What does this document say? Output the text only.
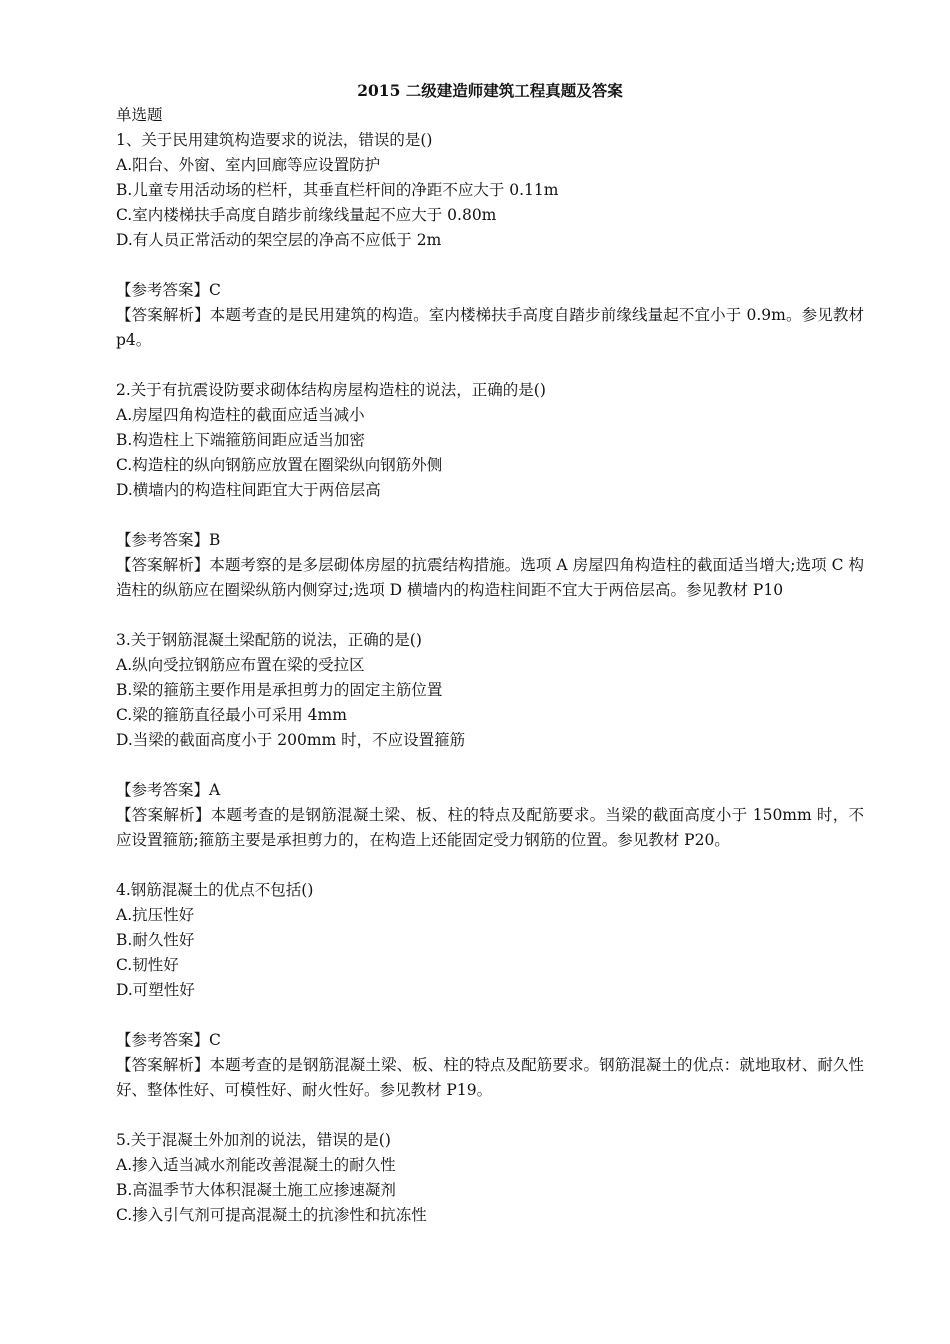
2015 二级建造师建筑工程真题及答案

单选题

1、关于民用建筑构造要求的说法，错误的是()

A.阳台、外窗、室内回廊等应设置防护

B.儿童专用活动场的栏杆，其垂直栏杆间的净距不应大于 0.11m

C.室内楼梯扶手高度自踏步前缘线量起不应大于 0.80m

D.有人员正常活动的架空层的净高不应低于 2m

【参考答案】C

【答案解析】本题考查的是民用建筑的构造。室内楼梯扶手高度自踏步前缘线量起不宜小于 0.9m。参见教材 p4。

2.关于有抗震设防要求砌体结构房屋构造柱的说法，正确的是()

A.房屋四角构造柱的截面应适当减小

B.构造柱上下端箍筋间距应适当加密

C.构造柱的纵向钢筋应放置在圈梁纵向钢筋外侧

D.横墙内的构造柱间距宜大于两倍层高

【参考答案】B

【答案解析】本题考察的是多层砌体房屋的抗震结构措施。选项 A 房屋四角构造柱的截面适当增大;选项 C 构造柱的纵筋应在圈梁纵筋内侧穿过;选项 D 横墙内的构造柱间距不宜大于两倍层高。参见教材 P10

3.关于钢筋混凝土梁配筋的说法，正确的是()

A.纵向受拉钢筋应布置在梁的受拉区

B.梁的箍筋主要作用是承担剪力的固定主筋位置

C.梁的箍筋直径最小可采用 4mm

D.当梁的截面高度小于 200mm 时，不应设置箍筋

【参考答案】A

【答案解析】本题考查的是钢筋混凝土梁、板、柱的特点及配筋要求。当梁的截面高度小于 150mm 时，不应设置箍筋;箍筋主要是承担剪力的，在构造上还能固定受力钢筋的位置。参见教材 P20。

4.钢筋混凝土的优点不包括()

A.抗压性好

B.耐久性好

C.韧性好

D.可塑性好

【参考答案】C

【答案解析】本题考查的是钢筋混凝土梁、板、柱的特点及配筋要求。钢筋混凝土的优点：就地取材、耐久性好、整体性好、可模性好、耐火性好。参见教材 P19。

5.关于混凝土外加剂的说法，错误的是()

A.掺入适当减水剂能改善混凝土的耐久性

B.高温季节大体积混凝土施工应掺速凝剂

C.掺入引气剂可提高混凝土的抗渗性和抗冻性
